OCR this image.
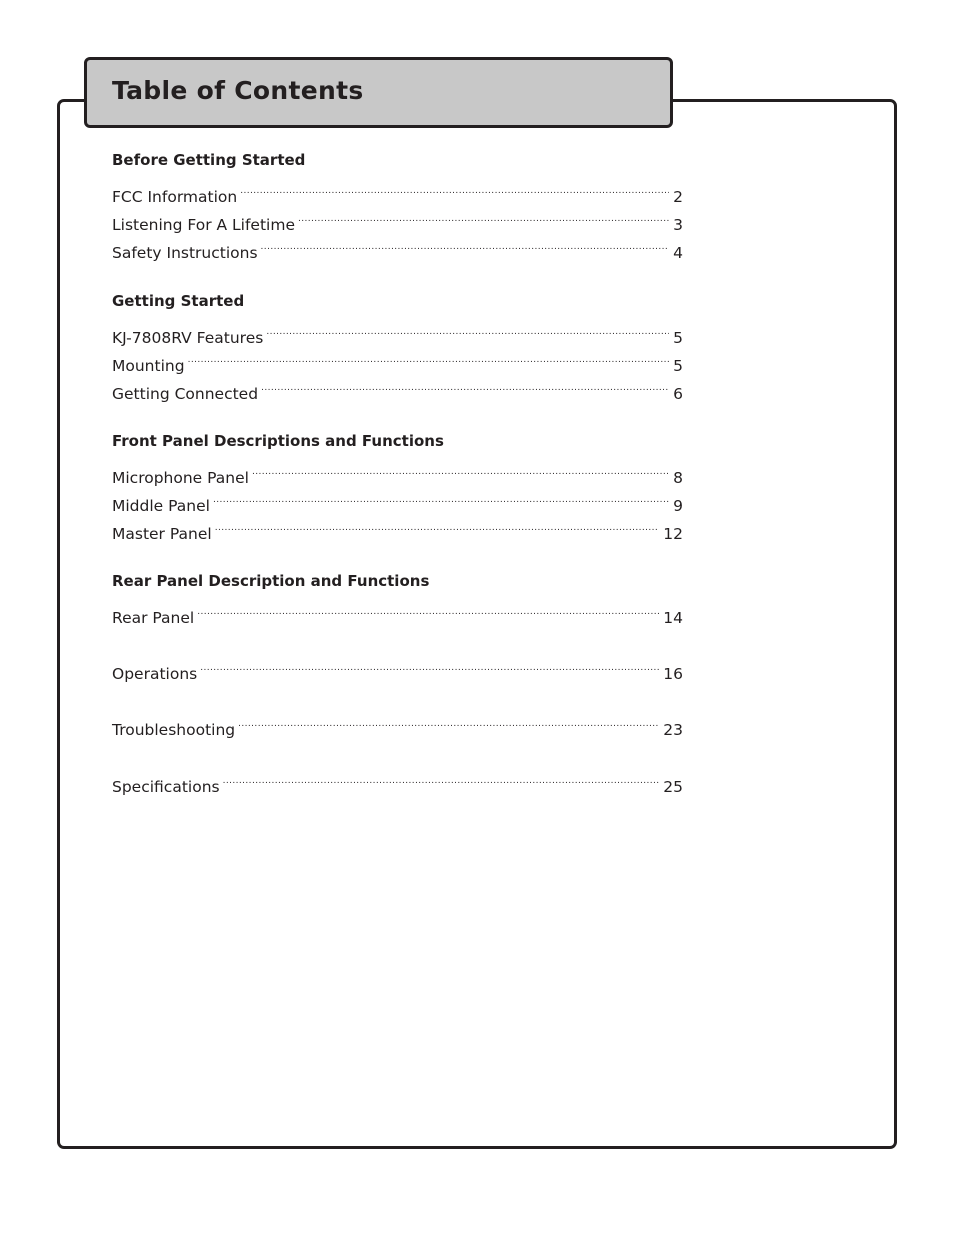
Table of Contents
Before Getting Started
FCC Information .....	2
Listening For A Lifetime .....	3
Safety Instructions .....	4
Getting Started
KJ-7808RV Features .....	5
Mounting .....	5
Getting Connected .....	6
Front Panel Descriptions and Functions
Microphone Panel .....	8
Middle Panel .....	9
Master Panel .....	12
Rear Panel Description and Functions
Rear Panel .....	14
Operations .....	16
Troubleshooting .....	23
Specifications .....	25
